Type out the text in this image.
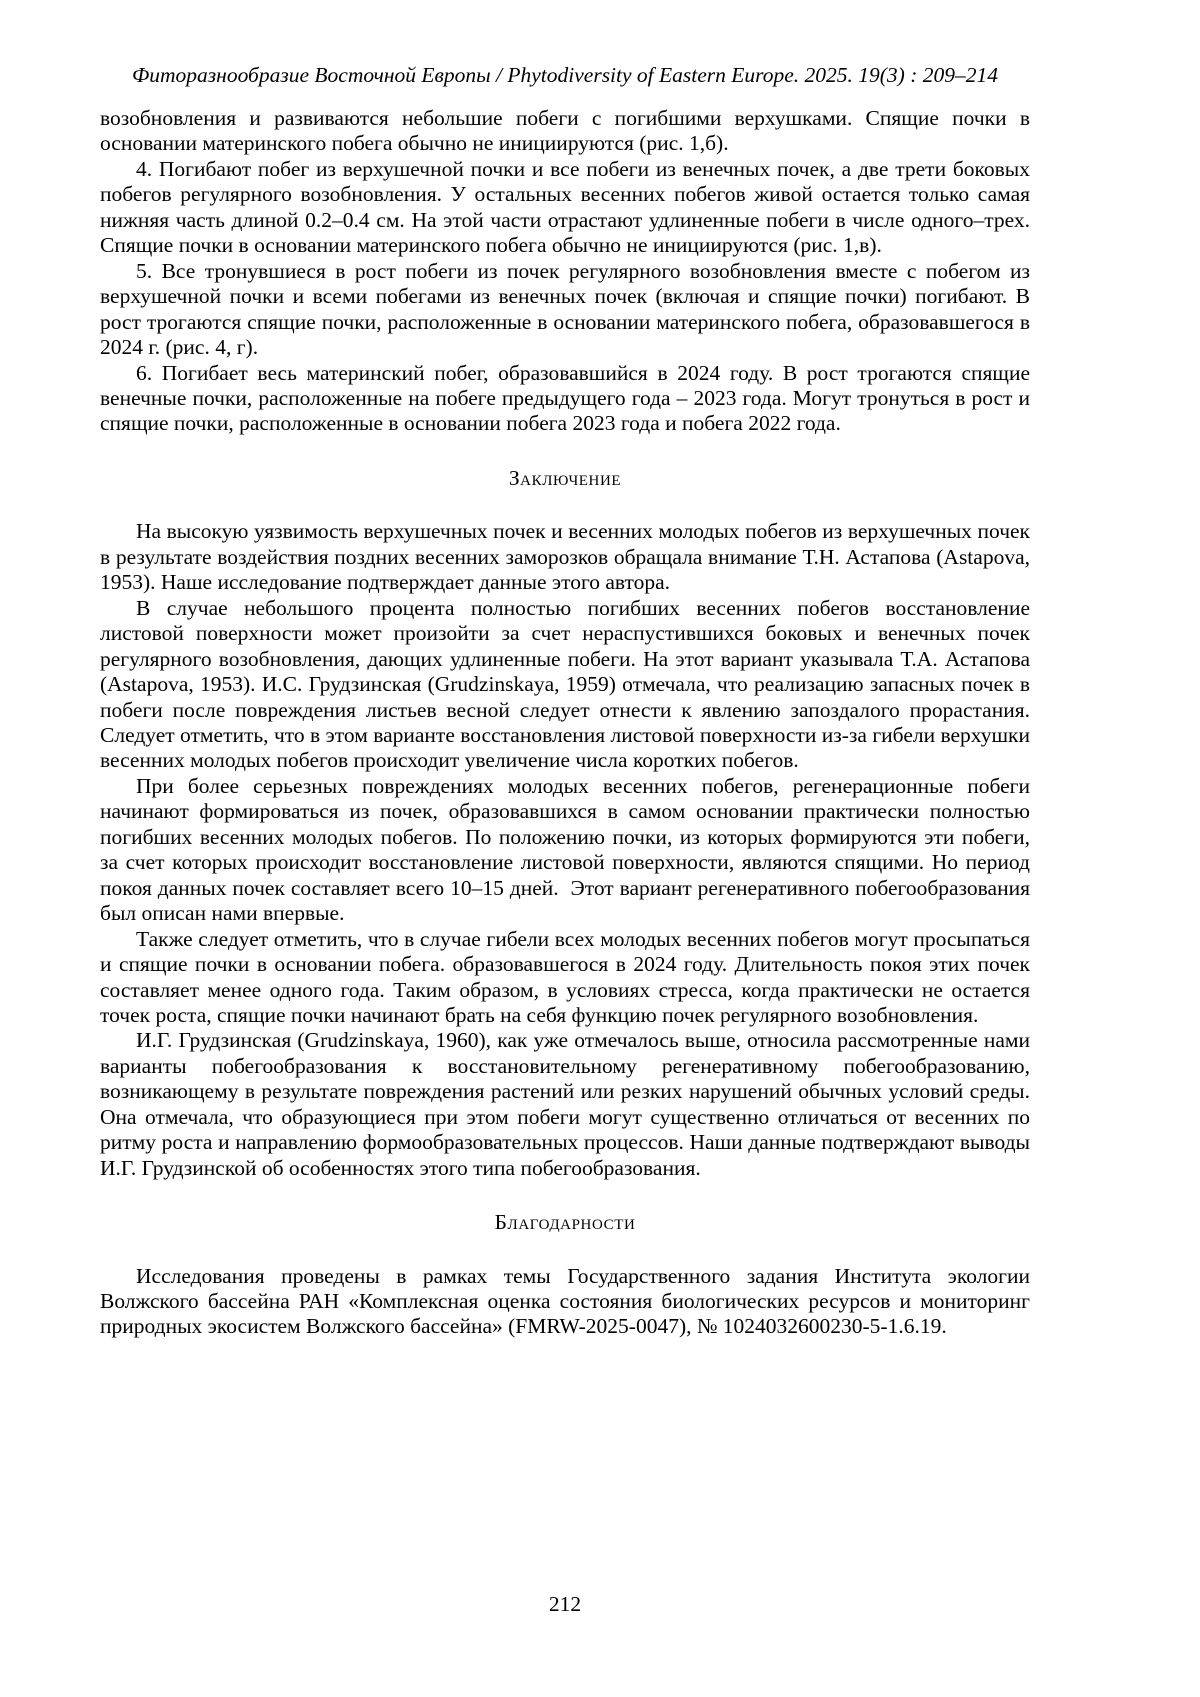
Фиторазнообразие Восточной Европы / Phytodiversity of Eastern Europe. 2025. 19(3) : 209–214

возобновления и развиваются небольшие побеги с погибшими верхушками. Спящие почки в основании материнского побега обычно не инициируются (рис. 1,б).

4. Погибают побег из верхушечной почки и все побеги из венечных почек, а две трети боковых побегов регулярного возобновления. У остальных весенних побегов живой остается только самая нижняя часть длиной 0.2–0.4 см. На этой части отрастают удлиненные побеги в числе одного–трех. Спящие почки в основании материнского побега обычно не инициируются (рис. 1,в).

5. Все тронувшиеся в рост побеги из почек регулярного возобновления вместе с побегом из верхушечной почки и всеми побегами из венечных почек (включая и спящие почки) погибают. В рост трогаются спящие почки, расположенные в основании материнского побега, образовавшегося в 2024 г. (рис. 4, г).

6. Погибает весь материнский побег, образовавшийся в 2024 году. В рост трогаются спящие венечные почки, расположенные на побеге предыдущего года – 2023 года. Могут тронуться в рост и спящие почки, расположенные в основании побега 2023 года и побега 2022 года.

Заключение

На высокую уязвимость верхушечных почек и весенних молодых побегов из верхушечных почек в результате воздействия поздних весенних заморозков обращала внимание Т.Н. Астапова (Astapova, 1953). Наше исследование подтверждает данные этого автора.

В случае небольшого процента полностью погибших весенних побегов восстановление листовой поверхности может произойти за счет нераспустившихся боковых и венечных почек регулярного возобновления, дающих удлиненные побеги. На этот вариант указывала Т.А. Астапова (Astapova, 1953). И.С. Грудзинская (Grudzinskaya, 1959) отмечала, что реализацию запасных почек в побеги после повреждения листьев весной следует отнести к явлению запоздалого прорастания. Следует отметить, что в этом варианте восстановления листовой поверхности из-за гибели верхушки весенних молодых побегов происходит увеличение числа коротких побегов.

При более серьезных повреждениях молодых весенних побегов, регенерационные побеги начинают формироваться из почек, образовавшихся в самом основании практически полностью погибших весенних молодых побегов. По положению почки, из которых формируются эти побеги, за счет которых происходит восстановление листовой поверхности, являются спящими. Но период покоя данных почек составляет всего 10–15 дней.  Этот вариант регенеративного побегообразования был описан нами впервые.

Также следует отметить, что в случае гибели всех молодых весенних побегов могут просыпаться и спящие почки в основании побега. образовавшегося в 2024 году. Длительность покоя этих почек составляет менее одного года. Таким образом, в условиях стресса, когда практически не остается точек роста, спящие почки начинают брать на себя функцию почек регулярного возобновления.

И.Г. Грудзинская (Grudzinskaya, 1960), как уже отмечалось выше, относила рассмотренные нами варианты побегообразования к восстановительному регенеративному побегообразованию, возникающему в результате повреждения растений или резких нарушений обычных условий среды. Она отмечала, что образующиеся при этом побеги могут существенно отличаться от весенних по ритму роста и направлению формообразовательных процессов. Наши данные подтверждают выводы И.Г. Грудзинской об особенностях этого типа побегообразования.

Благодарности

Исследования проведены в рамках темы Государственного задания Института экологии Волжского бассейна РАН «Комплексная оценка состояния биологических ресурсов и мониторинг природных экосистем Волжского бассейна» (FMRW-2025-0047), № 1024032600230-5-1.6.19.

212
